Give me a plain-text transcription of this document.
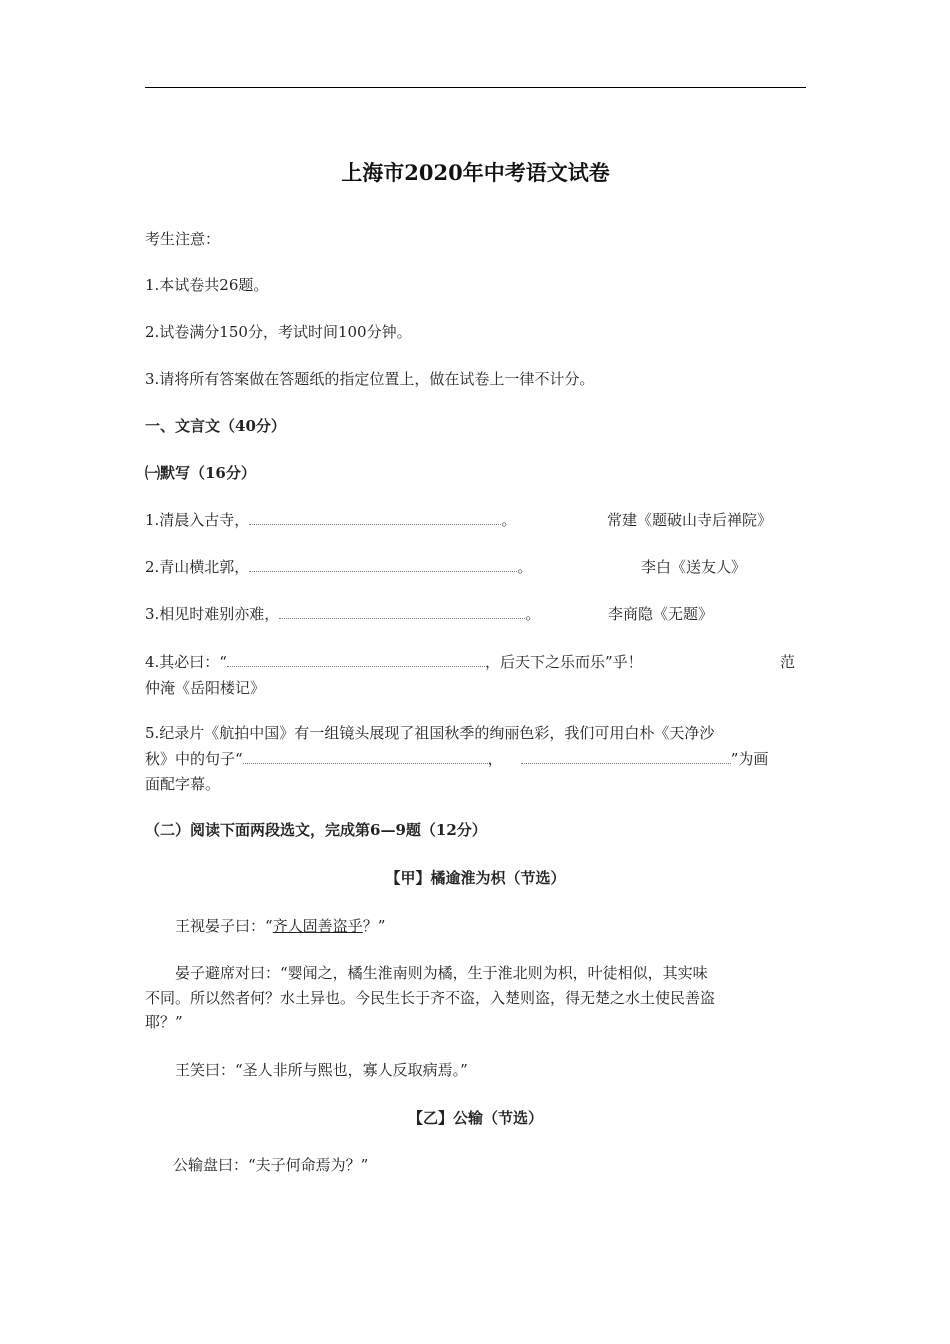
上海市2020年中考语文试卷
考生注意：
1.本试卷共26题。
2.试卷满分150分，考试时间100分钟。
3.请将所有答案做在答题纸的指定位置上，做在试卷上一律不计分。
一、文言文（40分）
㈠默写（16分）
1.清晨入古寺，	。	常建《题破山寺后禅院》
2.青山横北郭，	。	李白《送友人》
3.相见时难别亦难，	。	李商隐《无题》
4.其必曰：“	，后天下之乐而乐”乎！	范
仲淹《岳阳楼记》
5.纪录片《航拍中国》有一组镜头展现了祖国秋季的绚丽色彩，我们可用白朴《天净沙
秋》中的句子“	，	”为画
面配字幕。
（二）阅读下面两段选文，完成第6—9题（12分）
【甲】橘逾淮为枳（节选）
王视晏子曰：“齐人固善盗乎？”
晏子避席对曰：“婴闻之，橘生淮南则为橘，生于淮北则为枳，叶徒相似，其实味
不同。所以然者何？水土异也。今民生长于齐不盗，入楚则盗，得无楚之水土使民善盗
耶？”
王笑曰：“圣人非所与熙也，寡人反取病焉。”
【乙】公输（节选）
公输盘曰：“夫子何命焉为？”
